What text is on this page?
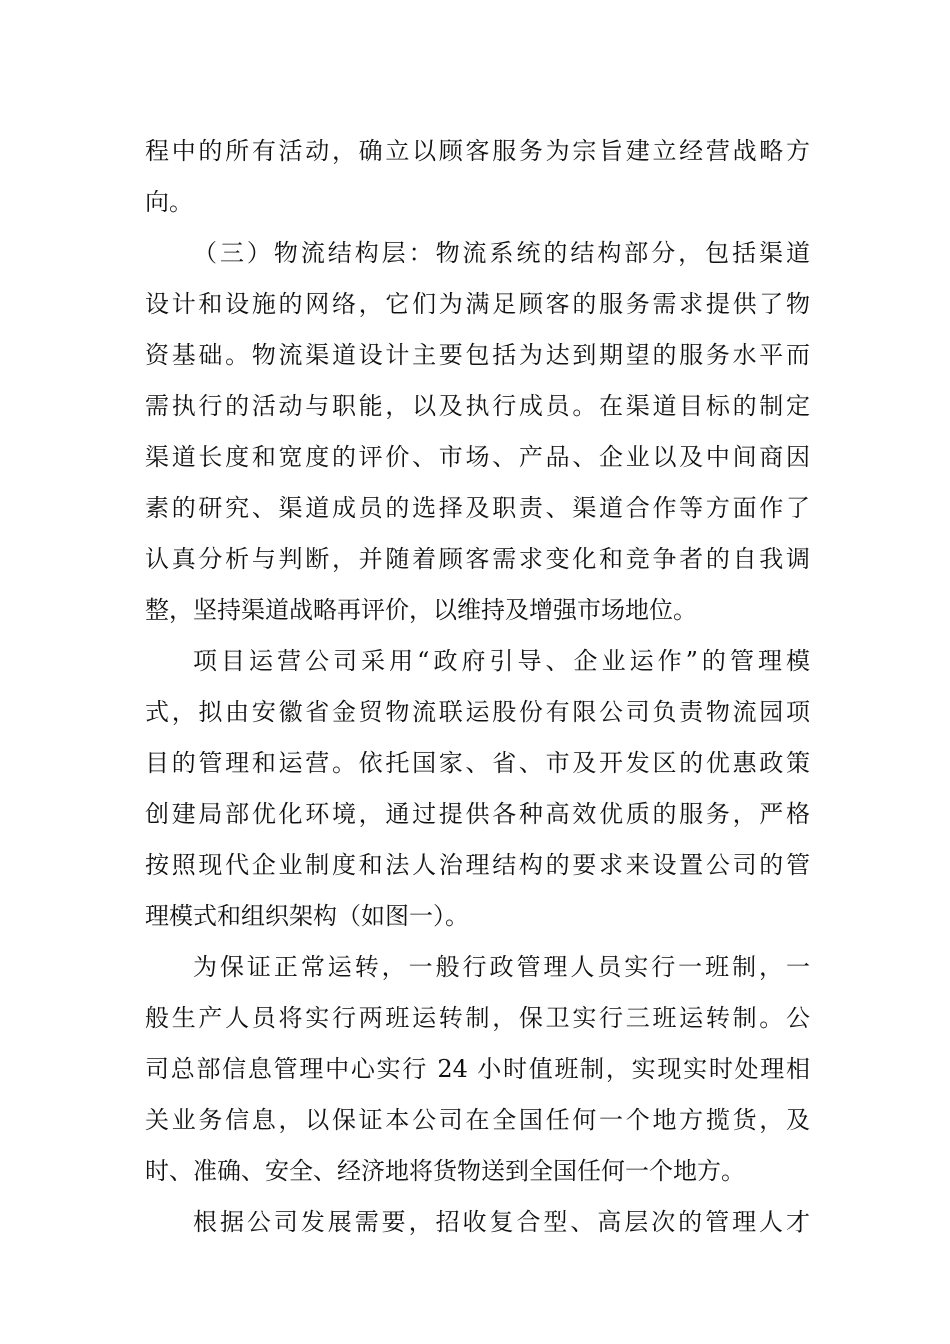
程中的所有活动，确立以顾客服务为宗旨建立经营战略方
向。
（三）物流结构层：物流系统的结构部分，包括渠道
设计和设施的网络，它们为满足顾客的服务需求提供了物
资基础。物流渠道设计主要包括为达到期望的服务水平而
需执行的活动与职能，以及执行成员。在渠道目标的制定
渠道长度和宽度的评价、市场、产品、企业以及中间商因
素的研究、渠道成员的选择及职责、渠道合作等方面作了
认真分析与判断，并随着顾客需求变化和竞争者的自我调
整，坚持渠道战略再评价，以维持及增强市场地位。
项目运营公司采用“政府引导、企业运作”的管理模
式，拟由安徽省金贸物流联运股份有限公司负责物流园项
目的管理和运营。依托国家、省、市及开发区的优惠政策
创建局部优化环境，通过提供各种高效优质的服务，严格
按照现代企业制度和法人治理结构的要求来设置公司的管
理模式和组织架构（如图一）。
为保证正常运转，一般行政管理人员实行一班制，一
般生产人员将实行两班运转制，保卫实行三班运转制。公
司总部信息管理中心实行 24 小时值班制，实现实时处理相
关业务信息，以保证本公司在全国任何一个地方揽货，及
时、准确、安全、经济地将货物送到全国任何一个地方。
根据公司发展需要，招收复合型、高层次的管理人才
